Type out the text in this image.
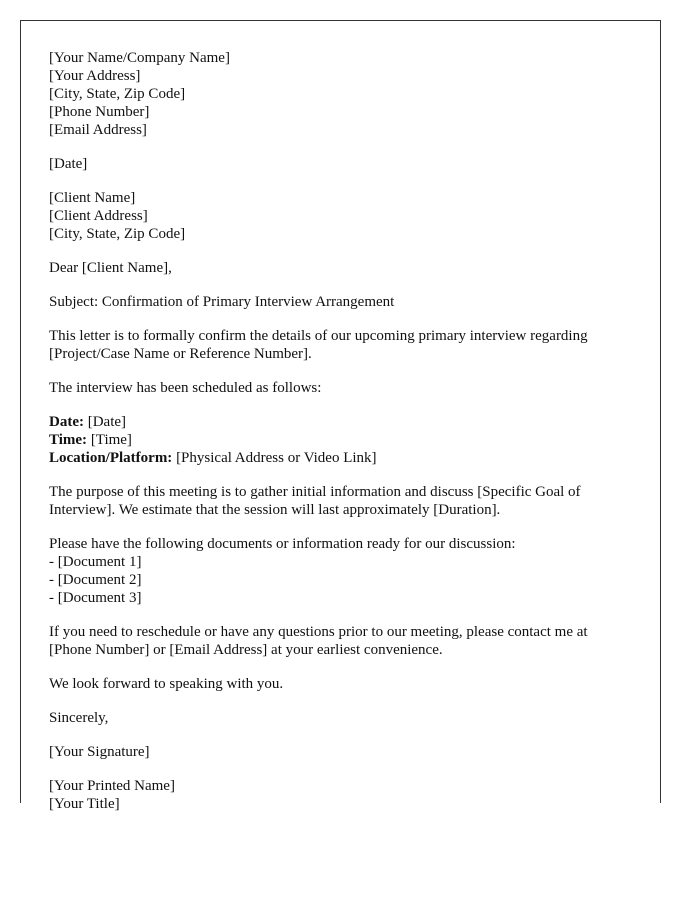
[Your Name/Company Name]
[Your Address]
[City, State, Zip Code]
[Phone Number]
[Email Address]

[Date]

[Client Name]
[Client Address]
[City, State, Zip Code]

Dear [Client Name],

Subject: Confirmation of Primary Interview Arrangement

This letter is to formally confirm the details of our upcoming primary interview regarding [Project/Case Name or Reference Number].

The interview has been scheduled as follows:

Date: [Date]
Time: [Time]
Location/Platform: [Physical Address or Video Link]

The purpose of this meeting is to gather initial information and discuss [Specific Goal of Interview]. We estimate that the session will last approximately [Duration].

Please have the following documents or information ready for our discussion:
- [Document 1]
- [Document 2]
- [Document 3]

If you need to reschedule or have any questions prior to our meeting, please contact me at [Phone Number] or [Email Address] at your earliest convenience.

We look forward to speaking with you.

Sincerely,

[Your Signature]

[Your Printed Name]
[Your Title]
